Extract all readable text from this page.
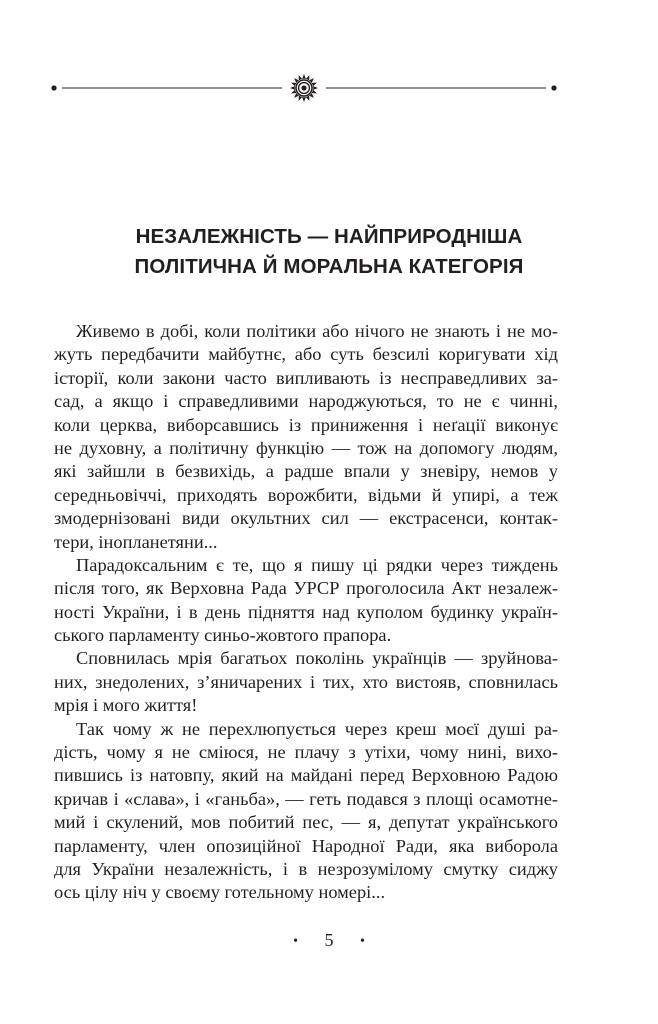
НЕЗАЛЕЖНІСТЬ — НАЙПРИРОДНІША
ПОЛІТИЧНА Й МОРАЛЬНА КАТЕГОРІЯ
Живемо в добі, коли політики або нічого не знають і не мо-
жуть передбачити майбутнє, або суть безсилі коригувати хід
історії, коли закони часто випливають із несправедливих за-
сад, а якщо і справедливими народжуються, то не є чинні,
коли церква, виборсавшись із приниження і неґації виконує
не духовну, а політичну функцію — тож на допомогу людям,
які зайшли в безвихідь, а радше впали у зневіру, немов у
середньовіччі, приходять ворожбити, відьми й упирі, а теж
змодернізовані види окультних сил — екстрасенси, контак-
тери, інопланетяни...
Парадоксальним є те, що я пишу ці рядки через тиждень
після того, як Верховна Рада УРСР проголосила Акт незалеж-
ності України, і в день підняття над куполом будинку україн-
ського парламенту синьо-жовтого прапора.
Сповнилась мрія багатьох поколінь українців — зруйнова-
них, знедолених, з’яничарених і тих, хто вистояв, сповнилась
мрія і мого життя!
Так чому ж не перехлюпується через креш моєї душі ра-
дість, чому я не сміюся, не плачу з утіхи, чому нині, вихо-
пившись із натовпу, який на майдані перед Верховною Радою
кричав і «слава», і «ганьба», — геть подався з площі осамотне-
мий і скулений, мов побитий пес, — я, депутат українського
парламенту, член опозиційної Народної Ради, яка виборола
для України незалежність, і в незрозумілому смутку сиджу
ось цілу ніч у своєму готельному номері...
• 5 •
